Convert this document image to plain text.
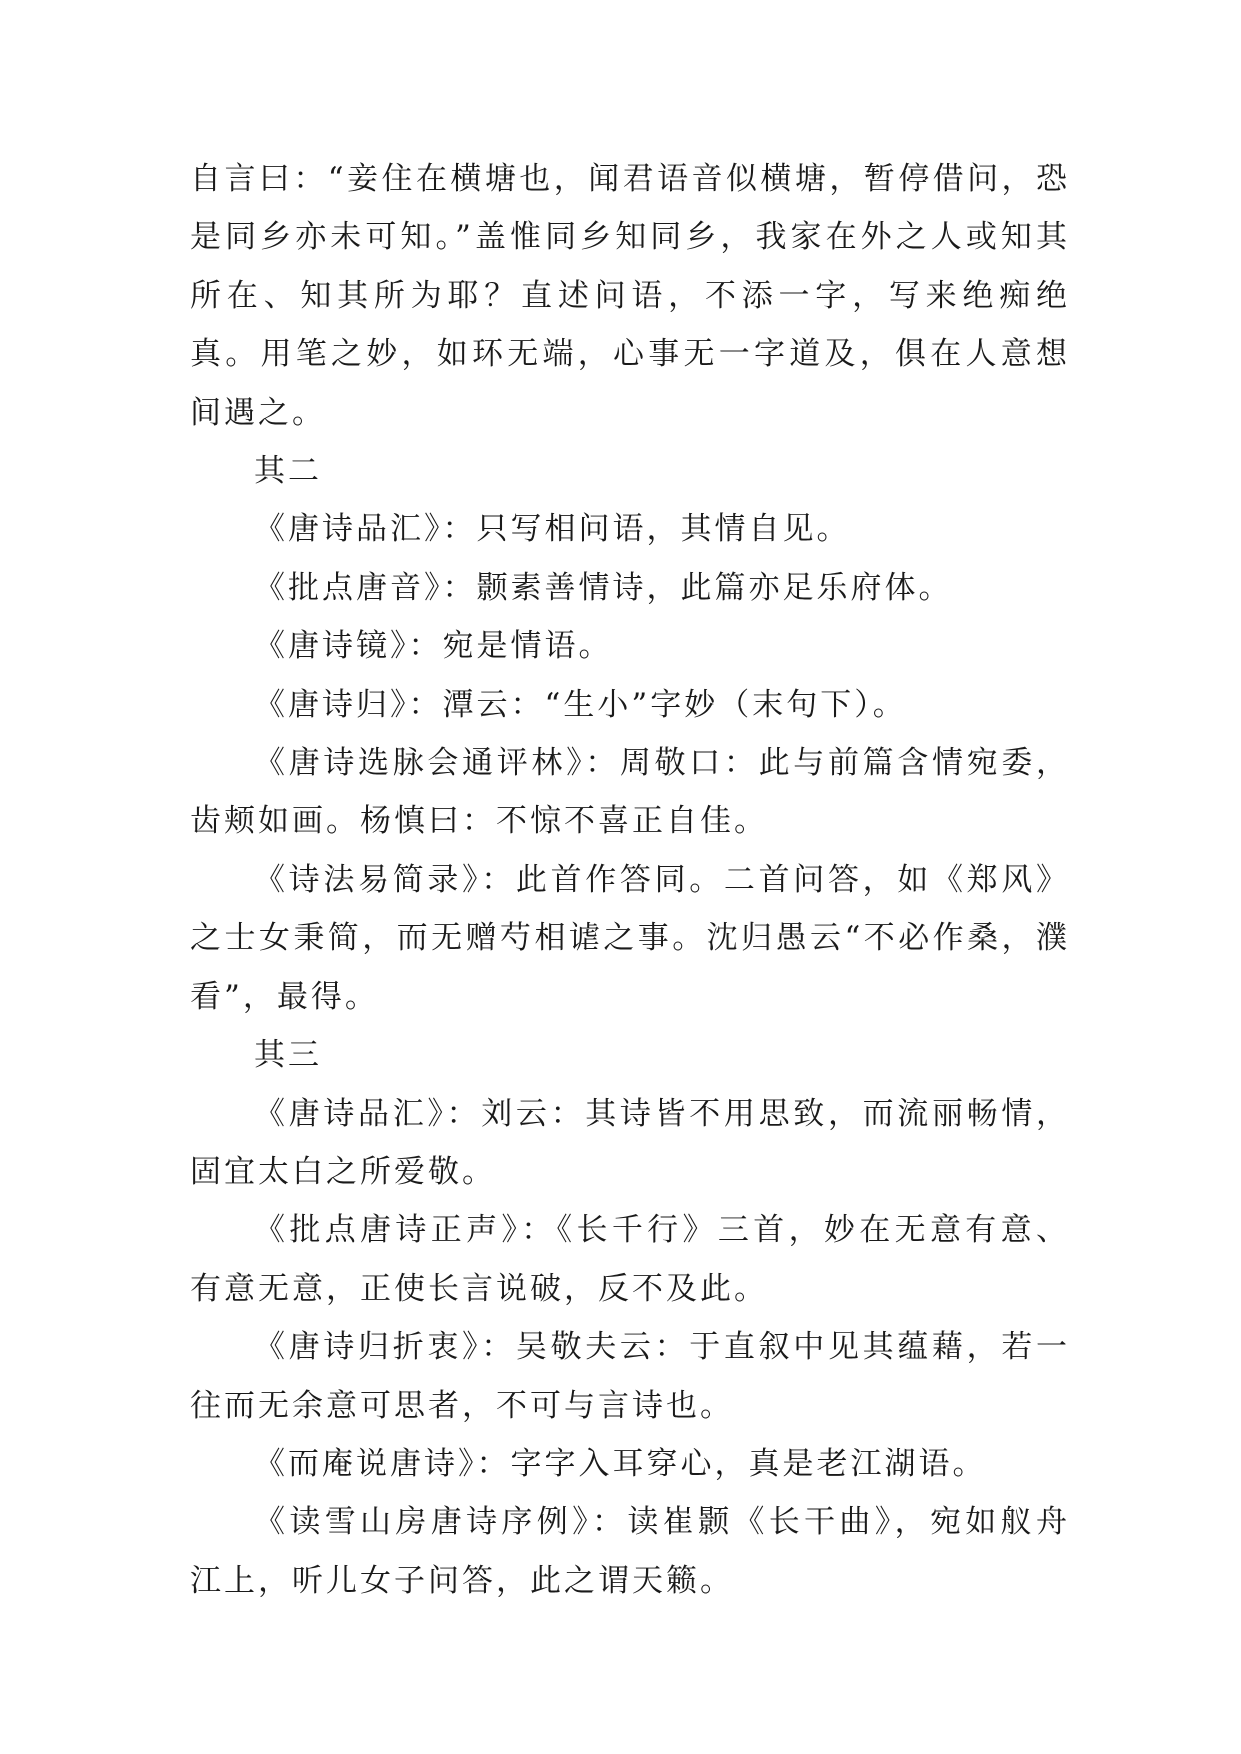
自言曰：“妾住在横塘也，闻君语音似横塘，暂停借问，恐是同乡亦未可知。”盖惟同乡知同乡，我家在外之人或知其所在、知其所为耶？直述问语，不添一字，写来绝痴绝真。用笔之妙，如环无端，心事无一字道及，俱在人意想间遇之。

其二

《唐诗品汇》：只写相问语，其情自见。

《批点唐音》：颢素善情诗，此篇亦足乐府体。

《唐诗镜》：宛是情语。

《唐诗归》：潭云：“生小”字妙（末句下）。

《唐诗选脉会通评林》：周敬口：此与前篇含情宛委，齿颊如画。杨慎曰：不惊不喜正自佳。

《诗法易简录》：此首作答同。二首问答，如《郑风》之士女秉简，而无赠芍相谑之事。沈归愚云“不必作桑，濮看”，最得。

其三

《唐诗品汇》：刘云：其诗皆不用思致，而流丽畅情，固宜太白之所爱敬。

《批点唐诗正声》：《长千行》三首，妙在无意有意、有意无意，正使长言说破，反不及此。

《唐诗归折衷》：吴敬夫云：于直叙中见其蕴藉，若一往而无余意可思者，不可与言诗也。

《而庵说唐诗》：字字入耳穿心，真是老江湖语。

《读雪山房唐诗序例》：读崔颢《长干曲》，宛如舣舟江上，听儿女子问答，此之谓天籁。
